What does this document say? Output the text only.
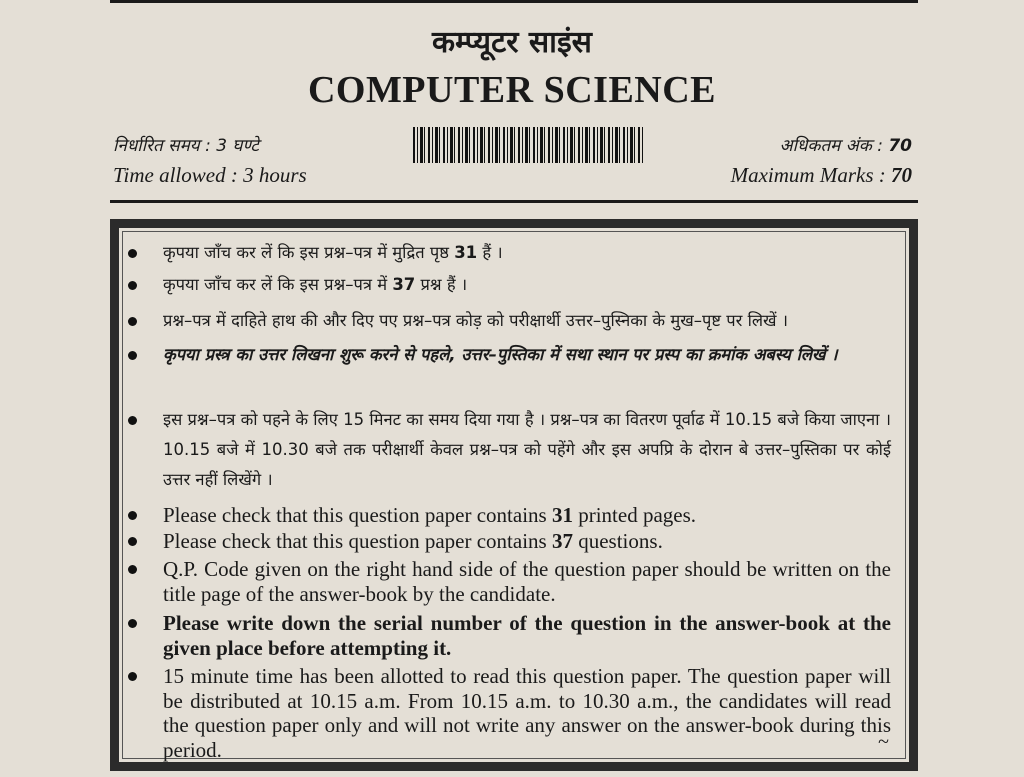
कम्प्यूटर साइंस
COMPUTER SCIENCE
निर्धारित समय : 3 घण्टे
Time allowed : 3 hours
अधिकतम अंक : 70
Maximum Marks : 70
कृपया जाँच कर लें कि इस प्रश्न–पत्र में मुद्रित पृष्ठ 31 हैं ।
कृपया जाँच कर लें कि इस प्रश्न–पत्र में 37 प्रश्न हैं ।
प्रश्न–पत्र में दाहिते हाथ की और दिए पए प्रश्न–पत्र कोड़ को परीक्षार्थी उत्तर–पुस्निका के मुख–पृष्ट पर लिखें ।
कृपया प्रस्त्र का उत्तर लिखना शुरू करने से पहले, उत्तर–पुस्तिका में सथा स्थान पर प्रस्प का क्रमांक अबस्य लिखें ।
इस प्रश्न–पत्र को पहने के लिए 15 मिनट का समय दिया गया है । प्रश्न–पत्र का वितरण पूर्वाढ में 10.15 बजे किया जाएना । 10.15 बजे में 10.30 बजे तक परीक्षार्थी केवल प्रश्न–पत्र को पहेंगे और इस अपप्रि के दोरान बे उत्तर–पुस्तिका पर कोई उत्तर नहीं लिखेंगे ।
Please check that this question paper contains 31 printed pages.
Please check that this question paper contains 37 questions.
Q.P. Code given on the right hand side of the question paper should be written on the title page of the answer-book by the candidate.
Please write down the serial number of the question in the answer-book at the given place before attempting it.
15 minute time has been allotted to read this question paper. The question paper will be distributed at 10.15 a.m. From 10.15 a.m. to 10.30 a.m., the candidates will read the question paper only and will not write any answer on the answer-book during this period.	~
